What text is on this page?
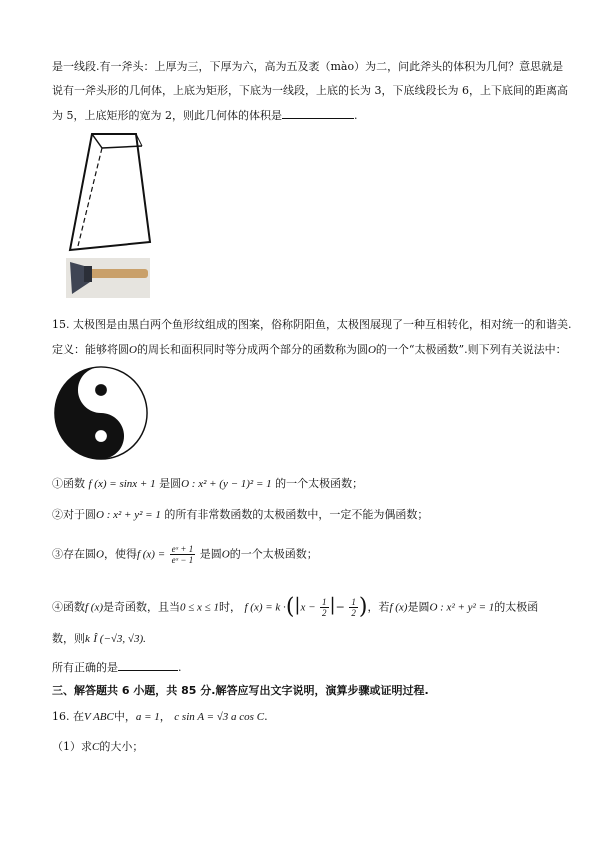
是一线段.有一斧头：上厚为三，下厚为六，高为五及袤（mào）为二，问此斧头的体积为几何？意思就是
说有一斧头形的几何体，上底为矩形，下底为一线段，上底的长为 3，下底线段长为 6，上下底间的距离高
为 5，上底矩形的宽为 2，则此几何体的体积是	.
15. 太极图是由黑白两个鱼形纹组成的图案，俗称阴阳鱼，太极图展现了一种互相转化，相对统一的和谐美.
定义：能够将圆O的周长和面积同时等分成两个部分的函数称为圆O的一个“太极函数”.则下列有关说法中：
①函数 f (x) = sinx + 1 是圆O : x² + (y − 1)² = 1 的一个太极函数；
②对于圆O : x² + y² = 1 的所有非常数函数的太极函数中，一定不能为偶函数；
③存在圆O，使得f $(x) = \frac{\text{eˣ + 1}}{\text{eˣ − 1}}$ 是圆O的一个太极函数；
④函数f (x)是奇函数，且当0 ≤ x ≤ 1时， f $(x) = k \cdot(|x - \frac{1}{2}$ |− $\frac{1}{2}$ )，若f (x)是圆O : x² + y² = 1的太极函
数，则k Î (−√3, √3).
所有正确的是	.
三、解答题共 6 小题，共 85 分.解答应写出文字说明，演算步骤或证明过程.
16. 在V ABC中，a = 1， c sin A = √3 a cos C.
（1）求C的大小；
